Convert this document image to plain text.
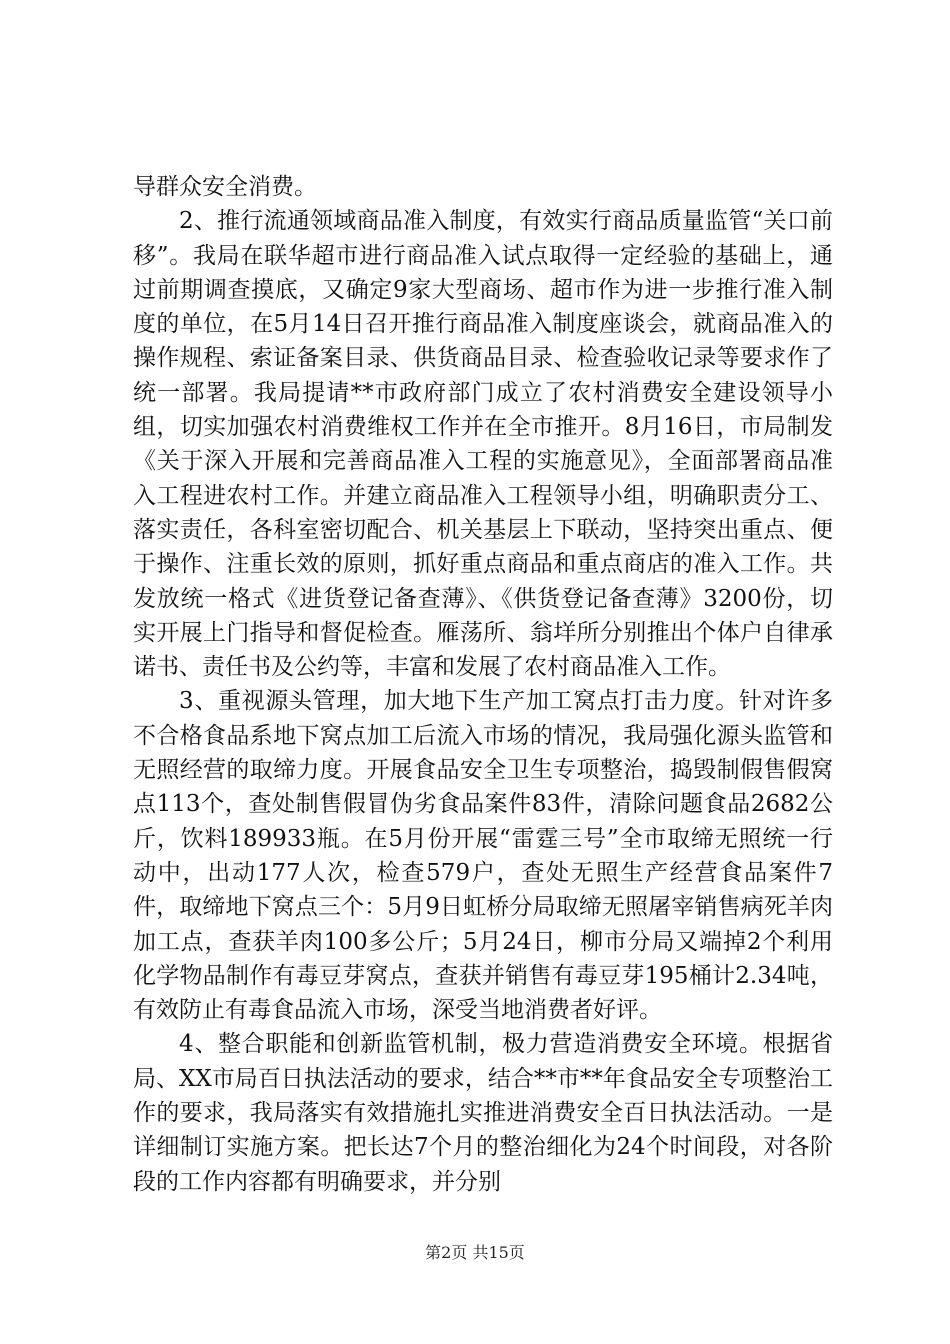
导群众安全消费。

2、推行流通领域商品准入制度，有效实行商品质量监管“关口前移”。我局在联华超市进行商品准入试点取得一定经验的基础上，通过前期调查摸底，又确定9家大型商场、超市作为进一步推行准入制度的单位，在5月14日召开推行商品准入制度座谈会，就商品准入的操作规程、索证备案目录、供货商品目录、检查验收记录等要求作了统一部署。我局提请**市政府部门成立了农村消费安全建设领导小组，切实加强农村消费维权工作并在全市推开。8月16日，市局制发《关于深入开展和完善商品准入工程的实施意见》，全面部署商品准入工程进农村工作。并建立商品准入工程领导小组，明确职责分工、落实责任，各科室密切配合、机关基层上下联动，坚持突出重点、便于操作、注重长效的原则，抓好重点商品和重点商店的准入工作。共发放统一格式《进货登记备查薄》、《供货登记备查薄》3200份，切实开展上门指导和督促检查。雁荡所、翁垟所分别推出个体户自律承诺书、责任书及公约等，丰富和发展了农村商品准入工作。

3、重视源头管理，加大地下生产加工窝点打击力度。针对许多不合格食品系地下窝点加工后流入市场的情况，我局强化源头监管和无照经营的取缔力度。开展食品安全卫生专项整治，捣毁制假售假窝点113个，查处制售假冒伪劣食品案件83件，清除问题食品2682公斤，饮料189933瓶。在5月份开展“雷霆三号”全市取缔无照统一行动中，出动177人次，检查579户，查处无照生产经营食品案件7件，取缔地下窝点三个：5月9日虹桥分局取缔无照屠宰销售病死羊肉加工点，查获羊肉100多公斤；5月24日，柳市分局又端掉2个利用化学物品制作有毒豆芽窝点，查获并销售有毒豆芽195桶计2.34吨，有效防止有毒食品流入市场，深受当地消费者好评。

4、整合职能和创新监管机制，极力营造消费安全环境。根据省局、XX市局百日执法活动的要求，结合**市**年食品安全专项整治工作的要求，我局落实有效措施扎实推进消费安全百日执法活动。一是详细制订实施方案。把长达7个月的整治细化为24个时间段，对各阶段的工作内容都有明确要求，并分别

第2页 共15页
